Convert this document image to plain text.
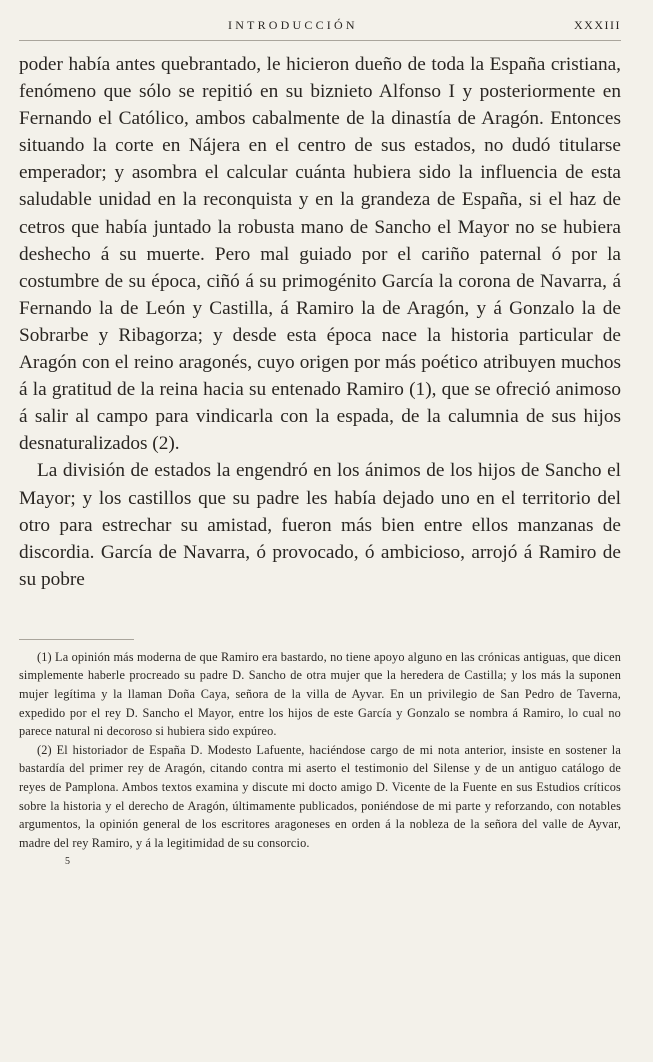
INTRODUCCIÓN	XXXIII

poder había antes quebrantado, le hicieron dueño de toda la España cristiana, fenómeno que sólo se repitió en su biznieto Alfonso I y posteriormente en Fernando el Católico, ambos cabalmente de la dinastía de Aragón. Entonces situando la corte en Nájera en el centro de sus estados, no dudó titularse emperador; y asombra el calcular cuánta hubiera sido la influencia de esta saludable unidad en la reconquista y en la grandeza de España, si el haz de cetros que había juntado la robusta mano de Sancho el Mayor no se hubiera deshecho á su muerte. Pero mal guiado por el cariño paternal ó por la costumbre de su época, ciñó á su primogénito García la corona de Navarra, á Fernando la de León y Castilla, á Ramiro la de Aragón, y á Gonzalo la de Sobrarbe y Ribagorza; y desde esta época nace la historia particular de Aragón con el reino aragonés, cuyo origen por más poético atribuyen muchos á la gratitud de la reina hacia su entenado Ramiro (1), que se ofreció animoso á salir al campo para vindicarla con la espada, de la calumnia de sus hijos desnaturalizados (2).

La división de estados la engendró en los ánimos de los hijos de Sancho el Mayor; y los castillos que su padre les había dejado uno en el territorio del otro para estrechar su amistad, fueron más bien entre ellos manzanas de discordia. García de Navarra, ó provocado, ó ambicioso, arrojó á Ramiro de su pobre

(1) La opinión más moderna de que Ramiro era bastardo, no tiene apoyo alguno en las crónicas antiguas, que dicen simplemente haberle procreado su padre D. Sancho de otra mujer que la heredera de Castilla; y los más la suponen mujer legítima y la llaman Doña Caya, señora de la villa de Ayvar. En un privilegio de San Pedro de Taverna, expedido por el rey D. Sancho el Mayor, entre los hijos de este García y Gonzalo se nombra á Ramiro, lo cual no parece natural ni decoroso si hubiera sido expúreo.

(2) El historiador de España D. Modesto Lafuente, haciéndose cargo de mi nota anterior, insiste en sostener la bastardía del primer rey de Aragón, citando contra mi aserto el testimonio del Silense y de un antiguo catálogo de reyes de Pamplona. Ambos textos examina y discute mi docto amigo D. Vicente de la Fuente en sus Estudios críticos sobre la historia y el derecho de Aragón, últimamente publicados, poniéndose de mi parte y reforzando, con notables argumentos, la opinión general de los escritores aragoneses en orden á la nobleza de la señora del valle de Ayvar, madre del rey Ramiro, y á la legitimidad de su consorcio.

5
